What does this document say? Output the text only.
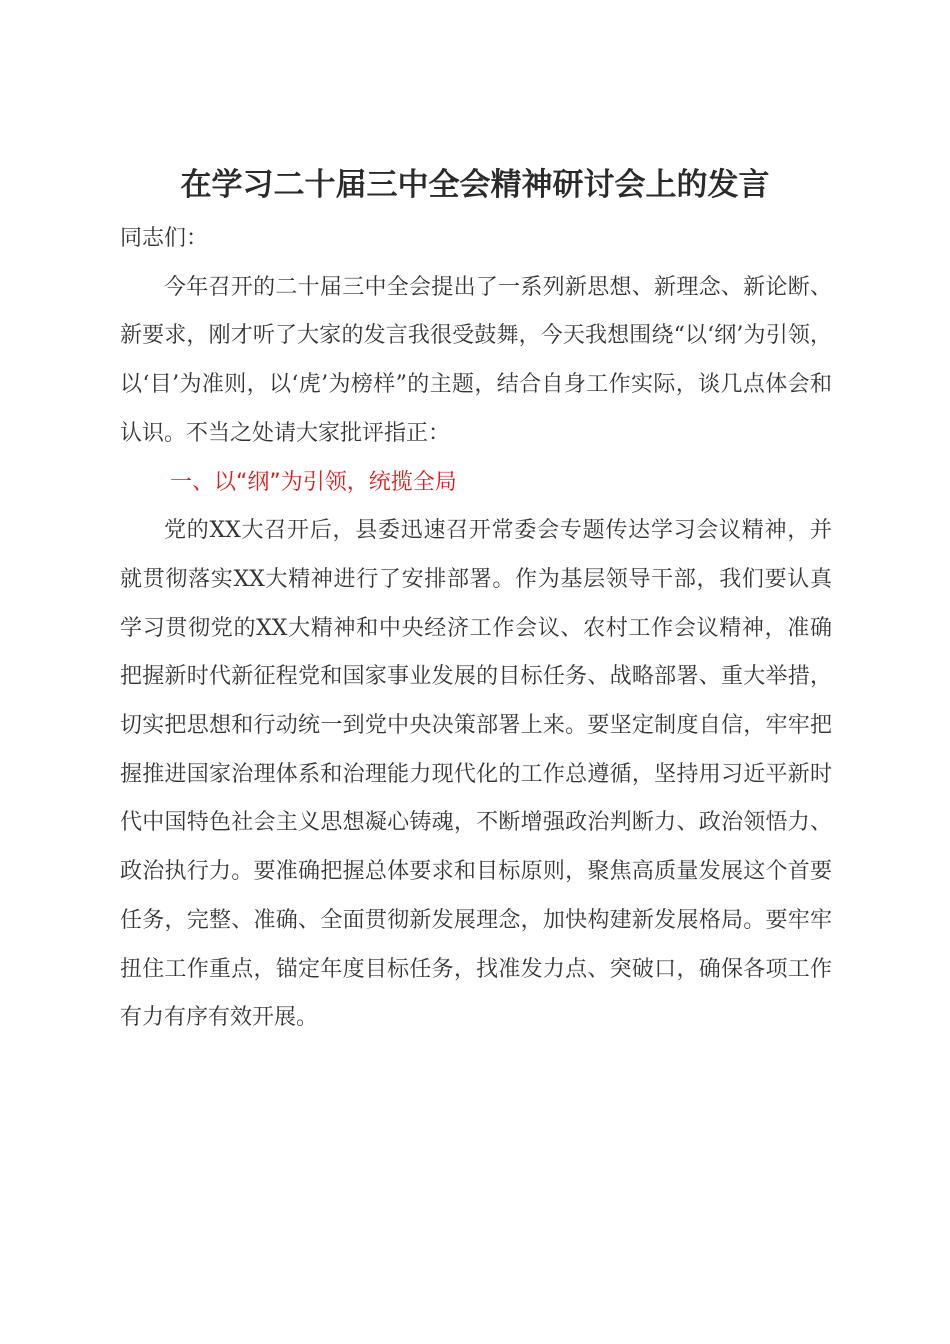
在学习二十届三中全会精神研讨会上的发言

同志们：

今年召开的二十届三中全会提出了一系列新思想、新理念、新论断、新要求，刚才听了大家的发言我很受鼓舞，今天我想围绕“以‘纲’为引领，以‘目’为准则，以‘虎’为榜样”的主题，结合自身工作实际，谈几点体会和认识。不当之处请大家批评指正：

一、以“纲”为引领，统揽全局

党的XX大召开后，县委迅速召开常委会专题传达学习会议精神，并就贯彻落实XX大精神进行了安排部署。作为基层领导干部，我们要认真学习贯彻党的XX大精神和中央经济工作会议、农村工作会议精神，准确把握新时代新征程党和国家事业发展的目标任务、战略部署、重大举措，切实把思想和行动统一到党中央决策部署上来。要坚定制度自信，牢牢把握推进国家治理体系和治理能力现代化的工作总遵循，坚持用习近平新时代中国特色社会主义思想凝心铸魂，不断增强政治判断力、政治领悟力、政治执行力。要准确把握总体要求和目标原则，聚焦高质量发展这个首要任务，完整、准确、全面贯彻新发展理念，加快构建新发展格局。要牢牢扭住工作重点，锚定年度目标任务，找准发力点、突破口，确保各项工作有力有序有效开展。
